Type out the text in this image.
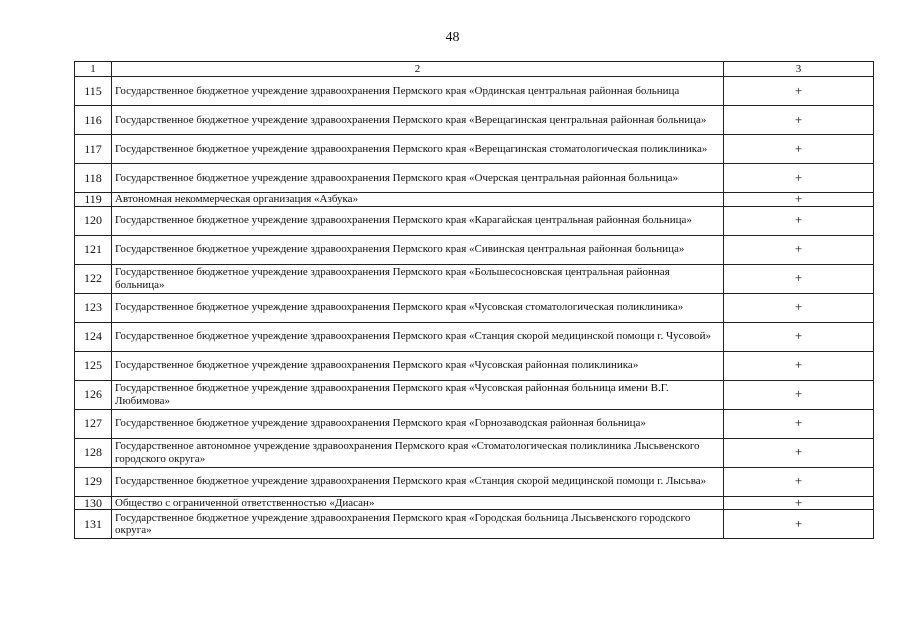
48
1	2	3
115	Государственное бюджетное учреждение здравоохранения Пермского края «Ординская центральная районная больница	+
116	Государственное бюджетное учреждение здравоохранения Пермского края «Верещагинская центральная районная больница»	+
117	Государственное бюджетное учреждение здравоохранения Пермского края «Верещагинская стоматологическая поликлиника»	+
118	Государственное бюджетное учреждение здравоохранения Пермского края «Очерская центральная районная больница»	+
119	Автономная некоммерческая организация «Азбука»	+
120	Государственное бюджетное учреждение здравоохранения Пермского края «Карагайская центральная районная больница»	+
121	Государственное бюджетное учреждение здравоохранения Пермского края «Сивинская центральная районная больница»	+
122	Государственное бюджетное учреждение здравоохранения Пермского края «Большесосновская центральная районная больница»	+
123	Государственное бюджетное учреждение здравоохранения Пермского края «Чусовская стоматологическая поликлиника»	+
124	Государственное бюджетное учреждение здравоохранения Пермского края «Станция скорой медицинской помощи г. Чусовой»	+
125	Государственное бюджетное учреждение здравоохранения Пермского края «Чусовская районная поликлиника»	+
126	Государственное бюджетное учреждение здравоохранения Пермского края «Чусовская районная больница имени В.Г. Любимова»	+
127	Государственное бюджетное учреждение здравоохранения Пермского края «Горнозаводская районная больница»	+
128	Государственное автономное учреждение здравоохранения Пермского края «Стоматологическая поликлиника Лысьвенского городского округа»	+
129	Государственное бюджетное учреждение здравоохранения Пермского края «Станция скорой медицинской помощи г. Лысьва»	+
130	Общество с ограниченной ответственностью «Диасан»	+
131	Государственное бюджетное учреждение здравоохранения Пермского края «Городская больница Лысьвенского городского округа»	+
